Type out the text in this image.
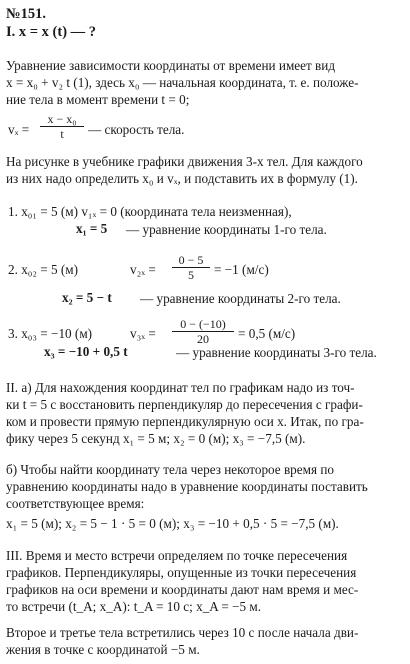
№151.
I. x = x (t) — ?
Уравнение зависимости координаты от времени имеет вид
x = x₀ + v₂ t (1), здесь x₀ — начальная координата, т. е. положе-
ние тела в момент времени t = 0;
vₓ =
x − x₀
t	— скорость тела.
На рисунке в учебнике графики движения 3-х тел. Для каждого
из них надо определить x₀ и vₓ, и подставить их в формулу (1).
1. x₀₁ = 5 (м) v₁ₓ = 0 (координата тела неизменная),
x₁ = 5 — уравнение координаты 1-го тела.
2. x₀₂ = 5 (м)	v₂ₓ =
0 − 5
5	= −1 (м/с)
x₂ = 5 − t — уравнение координаты 2-го тела.
3. x₀₃ = −10 (м)	v₃ₓ =
0 − (−10)
20	= 0,5 (м/с)
x₃ = −10 + 0,5 t	— уравнение координаты 3-го тела.
II. а) Для нахождения координат тел по графикам надо из точ-
ки t = 5 с восстановить перпендикуляр до пересечения с графи-
ком и провести прямую перпендикулярную оси x. Итак, по гра-
фику через 5 секунд x₁ = 5 м; x₂ = 0 (м); x₃ = −7,5 (м).
б) Чтобы найти координату тела через некоторое время по
уравнению координаты надо в уравнение координаты поставить
соответствующее время:
x₁ = 5 (м); x₂ = 5 − 1 · 5 = 0 (м); x₃ = −10 + 0,5 · 5 = −7,5 (м).
III. Время и место встречи определяем по точке пересечения
графиков. Перпендикуляры, опущенные из точки пересечения
графиков на оси времени и координаты дают нам время и мес-
то встречи (t_A; x_A): t_A = 10 с; x_A = −5 м.
Второе и третье тела встретились через 10 с после начала дви-
жения в точке с координатой −5 м.
